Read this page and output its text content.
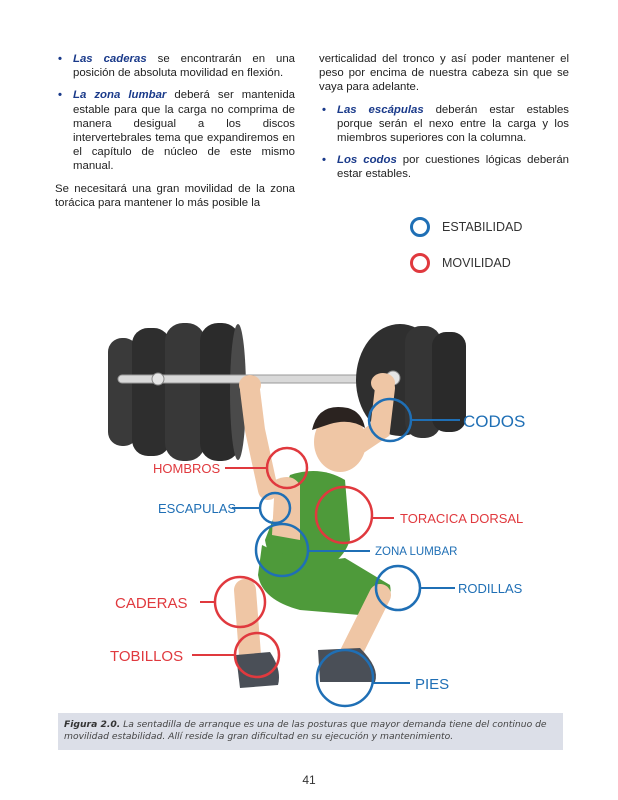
• Las caderas se encontrarán en una posición de absoluta movilidad en flexión.
• La zona lumbar deberá ser mantenida estable para que la carga no comprima de manera desigual a los discos intervertebrales tema que expandiremos en el capítulo de núcleo de este mismo manual.

Se necesitará una gran movilidad de la zona torácica para mantener lo más posible la

verticalidad del tronco y así poder mantener el peso por encima de nuestra cabeza sin que se vaya para adelante.

• Las escápulas deberán estar estables porque serán el nexo entre la carga y los miembros superiores con la columna.
• Los codos por cuestiones lógicas deberán estar estables.
ESTABILIDAD
MOVILIDAD
CODOS
HOMBROS
ESCAPULAS
TORACICA DORSAL
ZONA LUMBAR
RODILLAS
CADERAS
TOBILLOS
PIES
Figura 2.0. La sentadilla de arranque es una de las posturas que mayor demanda tiene del continuo de movilidad estabilidad. Allí reside la gran dificultad en su ejecución y mantenimiento.
41
